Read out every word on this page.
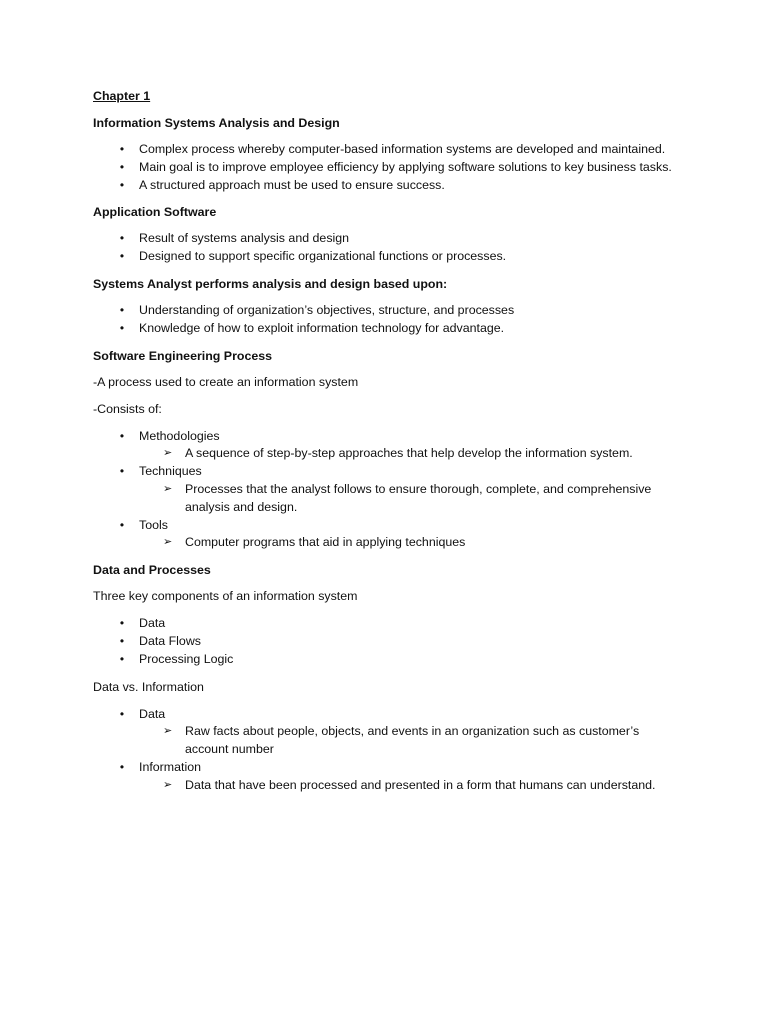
Chapter 1

Information Systems Analysis and Design

•	Complex process whereby computer-based information systems are developed and maintained.
•	Main goal is to improve employee efficiency by applying software solutions to key business tasks.
•	A structured approach must be used to ensure success.

Application Software

•	Result of systems analysis and design
•	Designed to support specific organizational functions or processes.

Systems Analyst performs analysis and design based upon:

•	Understanding of organization’s objectives, structure, and processes
•	Knowledge of how to exploit information technology for advantage.

Software Engineering Process

-A process used to create an information system

-Consists of:

•	Methodologies
➢ A sequence of step-by-step approaches that help develop the information system.
•	Techniques
➢ Processes that the analyst follows to ensure thorough, complete, and comprehensive analysis and design.
•	Tools
➢ Computer programs that aid in applying techniques

Data and Processes

Three key components of an information system

•	Data
•	Data Flows
•	Processing Logic

Data vs. Information

•	Data
➢ Raw facts about people, objects, and events in an organization such as customer’s account number
•	Information
➢ Data that have been processed and presented in a form that humans can understand.
